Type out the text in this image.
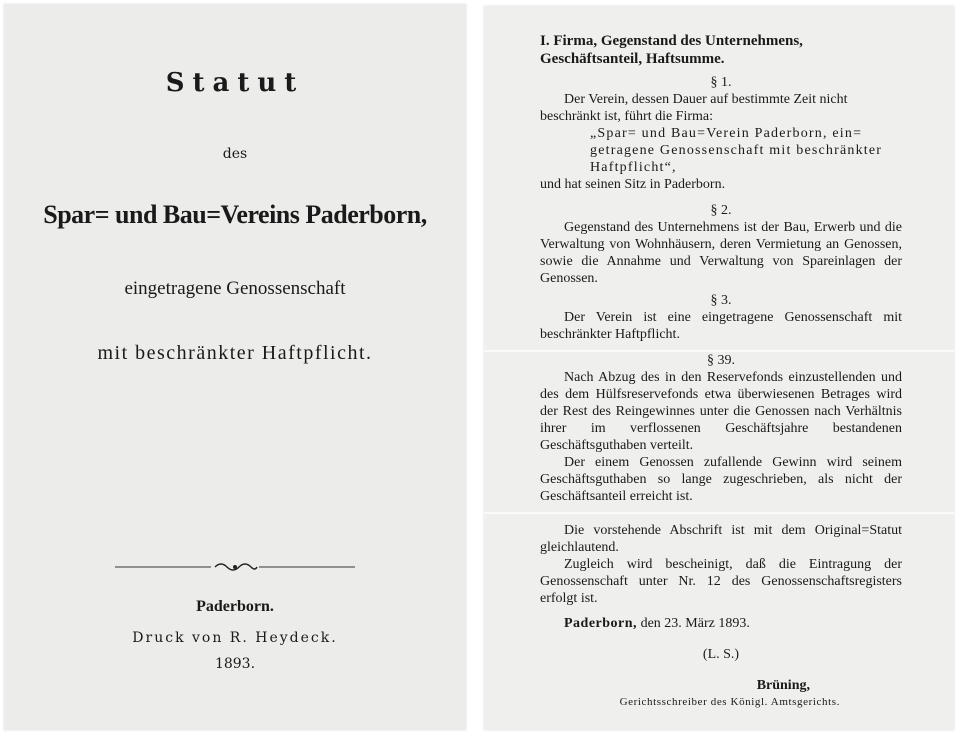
Statut
des
Spar= und Bau=Vereins Paderborn,
eingetragene Genossenschaft
mit beschränkter Haftpflicht.
Paderborn.
Druck von R. Heydeck.
1893.
I. Firma, Gegenstand des Unternehmens, Geschäftsanteil, Haftsumme.
§ 1.
Der Verein, dessen Dauer auf bestimmte Zeit nicht
beschränkt ist, führt die Firma:
„Spar= und Bau=Verein Paderborn, ein=
getragene Genossenschaft mit beschränkter
Haftpflicht“,
und hat seinen Sitz in Paderborn.
§ 2.
Gegenstand des Unternehmens ist der Bau, Erwerb und die Verwaltung von Wohnhäusern, deren Vermietung an Genossen, sowie die Annahme und Verwaltung von Spareinlagen der Genossen.
§ 3.
Der Verein ist eine eingetragene Genossenschaft mit beschränkter Haftpflicht.
§ 39.
Nach Abzug des in den Reservefonds einzustellenden und des dem Hülfsreservefonds etwa überwiesenen Betrages wird der Rest des Reingewinnes unter die Genossen nach Verhältnis ihrer im verflossenen Geschäftsjahre bestandenen Geschäftsguthaben verteilt.
Der einem Genossen zufallende Gewinn wird seinem Geschäftsguthaben so lange zugeschrieben, als nicht der Geschäftsanteil erreicht ist.
Die vorstehende Abschrift ist mit dem Original=Statut gleichlautend.
Zugleich wird bescheinigt, daß die Eintragung der Genossenschaft unter Nr. 12 des Genossenschaftsregisters erfolgt ist.
Paderborn, den 23. März 1893.
(L. S.)
Brüning,
Gerichtsschreiber des Königl. Amtsgerichts.
